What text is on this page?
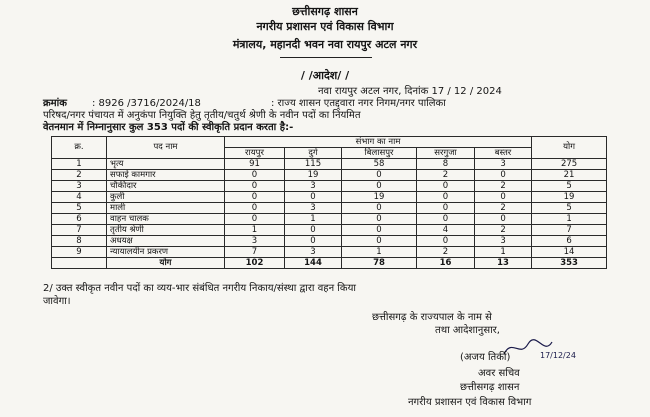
छत्तीसगढ़ शासन
नगरीय प्रशासन एवं विकास विभाग
मंत्रालय, महानदी भवन नवा रायपुर अटल नगर
/ /आदेश/ /
नवा रायपुर अटल नगर, दिनांक 17 / 12 / 2024
क्रमांक	: 8926 /3716/2024/18	: राज्य शासन एतद्द्वारा नगर निगम/नगर पालिका
परिषद/नगर पंचायत में अनुकंपा नियुक्ति हेतु तृतीय/चतुर्थ श्रेणी के नवीन पदों का नियमित
वेतनमान में निम्नानुसार कुल 353 पदों की स्वीकृति प्रदान करता है:-
क्र.	पद नाम	संभाग का नाम					योग
		रायपुर	दुर्ग	बिलासपुर	सरगुजा	बस्तर	
1	भृत्य	91	115	58	8	3	275
2	सफाई कामगार	0	19	0	2	0	21
3	चौकीदार	0	3	0	0	2	5
4	कुली	0	0	19	0	0	19
5	माली	0	3	0	0	2	5
6	वाहन चालक	0	1	0	0	0	1
7	तृतीय श्रेणी	1	0	0	4	2	7
8	अधयक्ष	3	0	0	0	3	6
9	न्यायालयीन प्रकरण	7	3	1	2	1	14
	योग	102	144	78	16	13	353
2/ उक्त स्वीकृत नवीन पदों का व्यय-भार संबंधित नगरीय निकाय/संस्था द्वारा वहन किया
जावेगा।
छत्तीसगढ़ के राज्यपाल के नाम से
तथा आदेशानुसार,
17/12/24
(अजय तिर्की)
अवर सचिव
छत्तीसगढ़ शासन
नगरीय प्रशासन एवं विकास विभाग
